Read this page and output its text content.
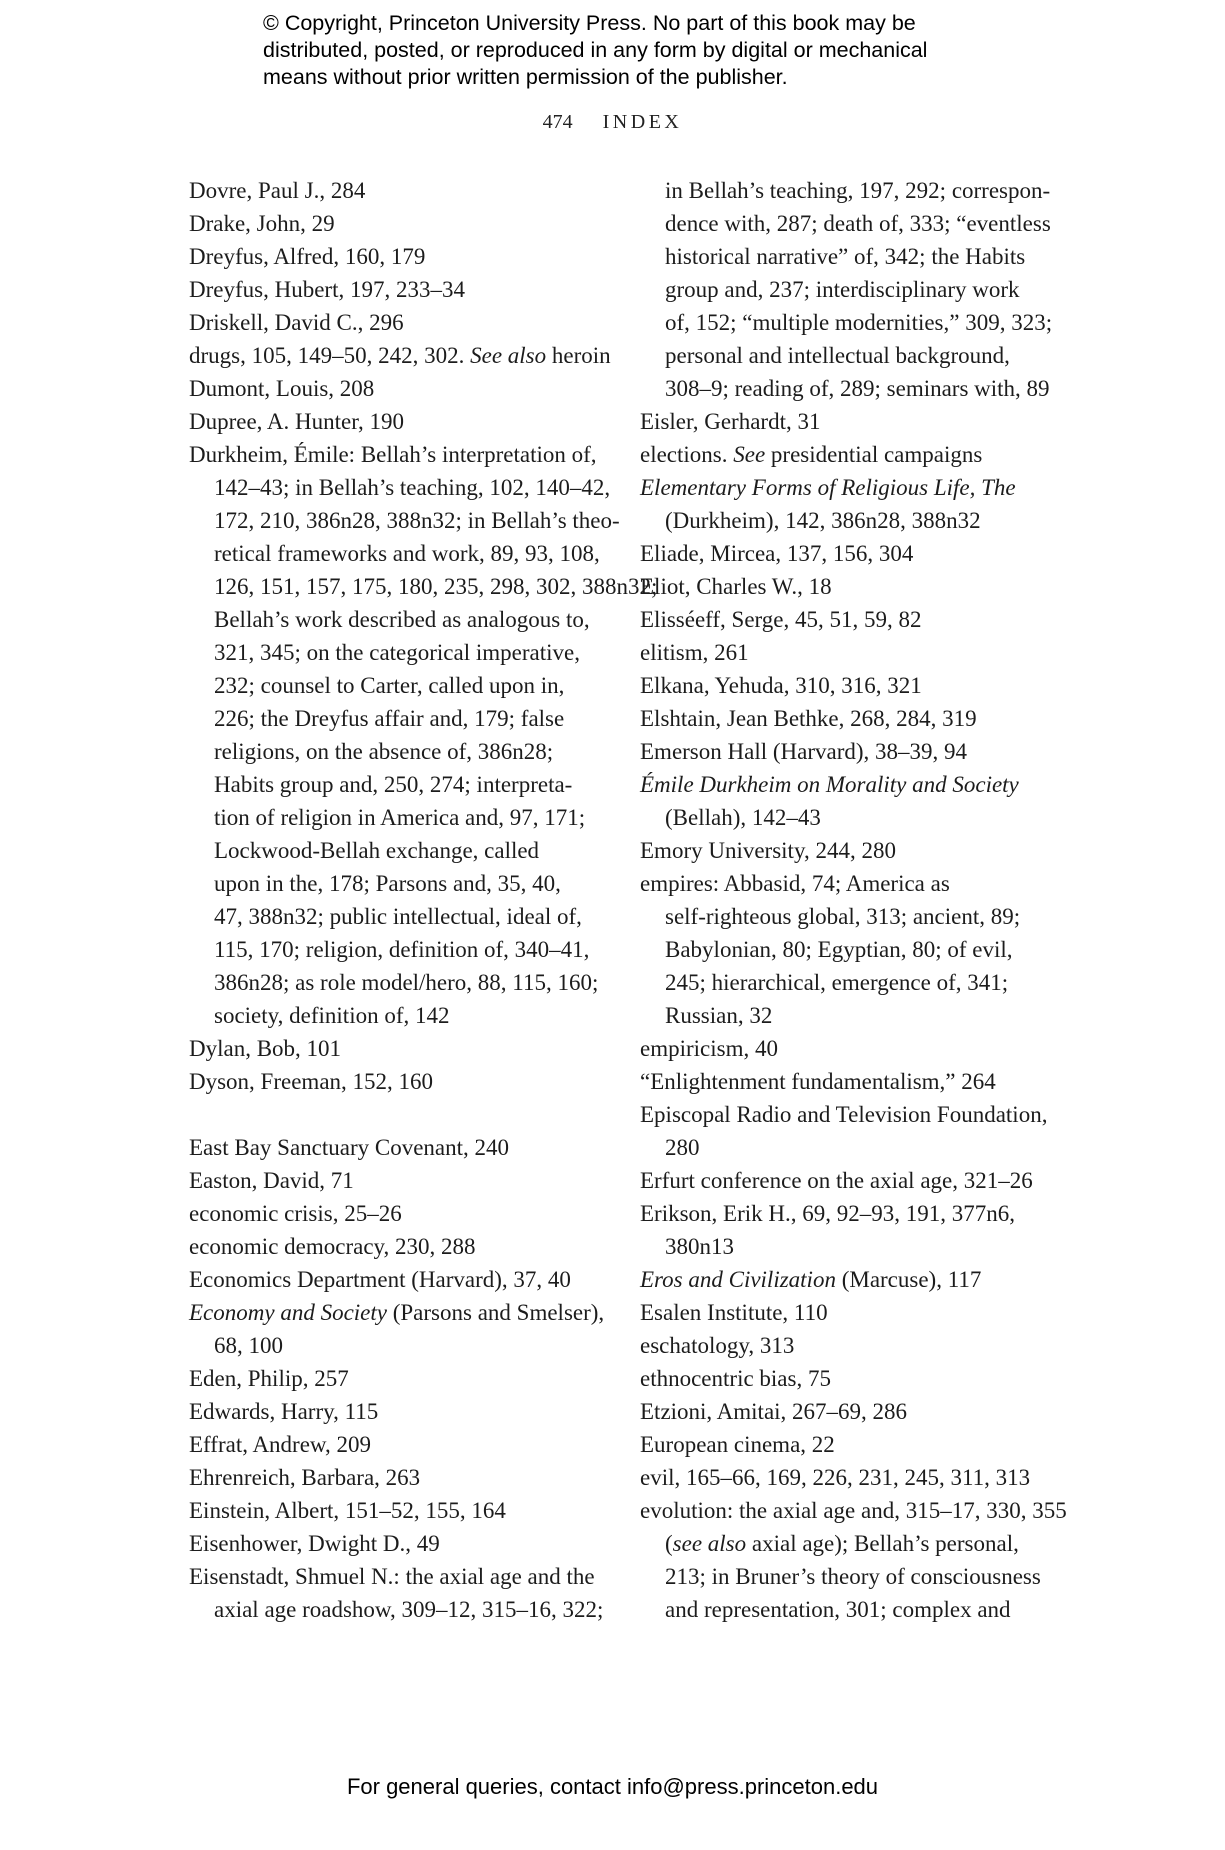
© Copyright, Princeton University Press. No part of this book may be
distributed, posted, or reproduced in any form by digital or mechanical
means without prior written permission of the publisher.
474 INDEX
Dovre, Paul J., 284
Drake, John, 29
Dreyfus, Alfred, 160, 179
Dreyfus, Hubert, 197, 233–34
Driskell, David C., 296
drugs, 105, 149–50, 242, 302. See also heroin
Dumont, Louis, 208
Dupree, A. Hunter, 190
Durkheim, Émile: Bellah’s interpretation of,
142–43; in Bellah’s teaching, 102, 140–42,
172, 210, 386n28, 388n32; in Bellah’s theo-
retical frameworks and work, 89, 93, 108,
126, 151, 157, 175, 180, 235, 298, 302, 388n32;
Bellah’s work described as analogous to,
321, 345; on the categorical imperative,
232; counsel to Carter, called upon in,
226; the Dreyfus affair and, 179; false
religions, on the absence of, 386n28;
Habits group and, 250, 274; interpreta-
tion of religion in America and, 97, 171;
Lockwood-Bellah exchange, called
upon in the, 178; Parsons and, 35, 40,
47, 388n32; public intellectual, ideal of,
115, 170; religion, definition of, 340–41,
386n28; as role model/hero, 88, 115, 160;
society, definition of, 142
Dylan, Bob, 101
Dyson, Freeman, 152, 160
East Bay Sanctuary Covenant, 240
Easton, David, 71
economic crisis, 25–26
economic democracy, 230, 288
Economics Department (Harvard), 37, 40
Economy and Society (Parsons and Smelser),
68, 100
Eden, Philip, 257
Edwards, Harry, 115
Effrat, Andrew, 209
Ehrenreich, Barbara, 263
Einstein, Albert, 151–52, 155, 164
Eisenhower, Dwight D., 49
Eisenstadt, Shmuel N.: the axial age and the
axial age roadshow, 309–12, 315–16, 322;
in Bellah’s teaching, 197, 292; correspon-
dence with, 287; death of, 333; “eventless
historical narrative” of, 342; the Habits
group and, 237; interdisciplinary work
of, 152; “multiple modernities,” 309, 323;
personal and intellectual background,
308–9; reading of, 289; seminars with, 89
Eisler, Gerhardt, 31
elections. See presidential campaigns
Elementary Forms of Religious Life, The
(Durkheim), 142, 386n28, 388n32
Eliade, Mircea, 137, 156, 304
Eliot, Charles W., 18
Elisséeff, Serge, 45, 51, 59, 82
elitism, 261
Elkana, Yehuda, 310, 316, 321
Elshtain, Jean Bethke, 268, 284, 319
Emerson Hall (Harvard), 38–39, 94
Émile Durkheim on Morality and Society
(Bellah), 142–43
Emory University, 244, 280
empires: Abbasid, 74; America as
self-righteous global, 313; ancient, 89;
Babylonian, 80; Egyptian, 80; of evil,
245; hierarchical, emergence of, 341;
Russian, 32
empiricism, 40
“Enlightenment fundamentalism,” 264
Episcopal Radio and Television Foundation,
280
Erfurt conference on the axial age, 321–26
Erikson, Erik H., 69, 92–93, 191, 377n6,
380n13
Eros and Civilization (Marcuse), 117
Esalen Institute, 110
eschatology, 313
ethnocentric bias, 75
Etzioni, Amitai, 267–69, 286
European cinema, 22
evil, 165–66, 169, 226, 231, 245, 311, 313
evolution: the axial age and, 315–17, 330, 355
(see also axial age); Bellah’s personal,
213; in Bruner’s theory of consciousness
and representation, 301; complex and
For general queries, contact info@press.princeton.edu
